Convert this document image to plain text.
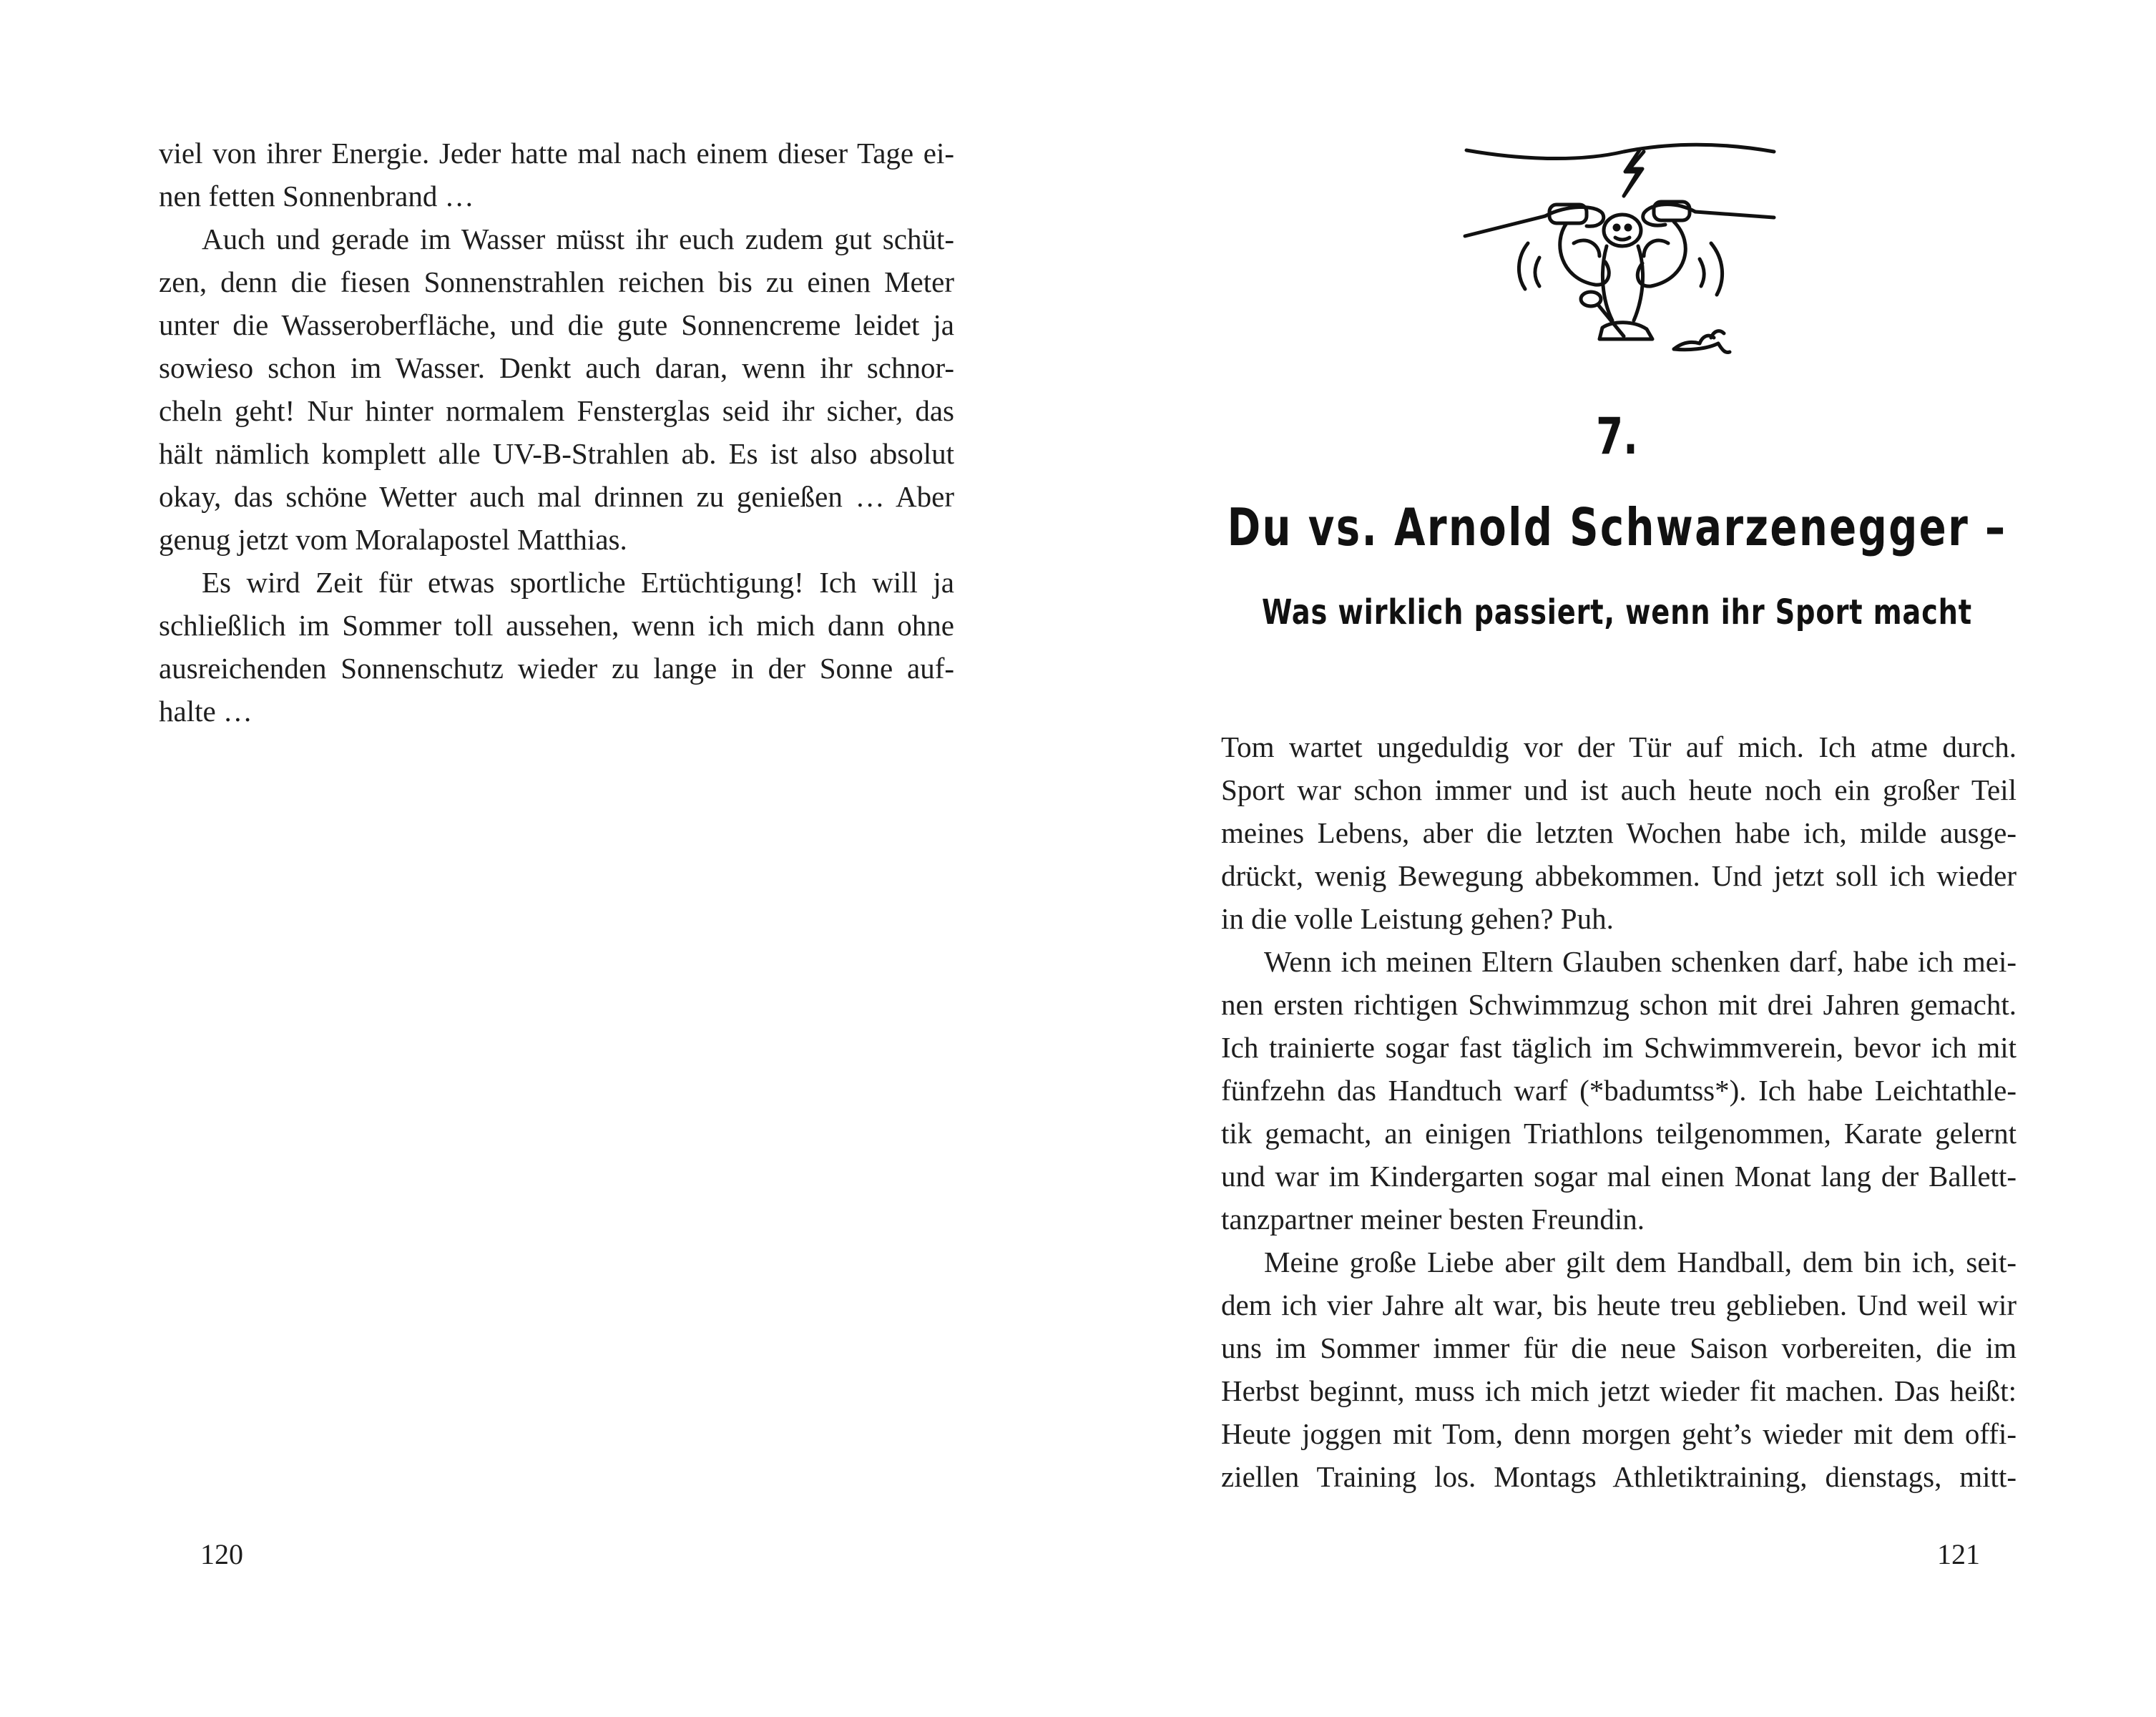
viel von ihrer Energie. Jeder hatte mal nach einem dieser Tage ei-
nen fetten Sonnenbrand …
Auch und gerade im Wasser müsst ihr euch zudem gut schüt-
zen, denn die fiesen Sonnenstrahlen reichen bis zu einen Meter
unter die Wasseroberfläche, und die gute Sonnencreme leidet ja
sowieso schon im Wasser. Denkt auch daran, wenn ihr schnor-
cheln geht! Nur hinter normalem Fensterglas seid ihr sicher, das
hält nämlich komplett alle UV-B-Strahlen ab. Es ist also absolut
okay, das schöne Wetter auch mal drinnen zu genießen … Aber
genug jetzt vom Moralapostel Matthias.
Es wird Zeit für etwas sportliche Ertüchtigung! Ich will ja
schließlich im Sommer toll aussehen, wenn ich mich dann ohne
ausreichenden Sonnenschutz wieder zu lange in der Sonne auf-
halte …
120
7.
Du vs. Arnold Schwarzenegger –
Was wirklich passiert, wenn ihr Sport macht
Tom wartet ungeduldig vor der Tür auf mich. Ich atme durch.
Sport war schon immer und ist auch heute noch ein großer Teil
meines Lebens, aber die letzten Wochen habe ich, milde ausge-
drückt, wenig Bewegung abbekommen. Und jetzt soll ich wieder
in die volle Leistung gehen? Puh.
Wenn ich meinen Eltern Glauben schenken darf, habe ich mei-
nen ersten richtigen Schwimmzug schon mit drei Jahren gemacht.
Ich trainierte sogar fast täglich im Schwimmverein, bevor ich mit
fünfzehn das Handtuch warf (*badumtss*). Ich habe Leichtathle-
tik gemacht, an einigen Triathlons teilgenommen, Karate gelernt
und war im Kindergarten sogar mal einen Monat lang der Ballett-
tanzpartner meiner besten Freundin.
Meine große Liebe aber gilt dem Handball, dem bin ich, seit-
dem ich vier Jahre alt war, bis heute treu geblieben. Und weil wir
uns im Sommer immer für die neue Saison vorbereiten, die im
Herbst beginnt, muss ich mich jetzt wieder fit machen. Das heißt:
Heute joggen mit Tom, denn morgen geht’s wieder mit dem offi-
ziellen Training los. Montags Athletiktraining, dienstags, mitt-
121
